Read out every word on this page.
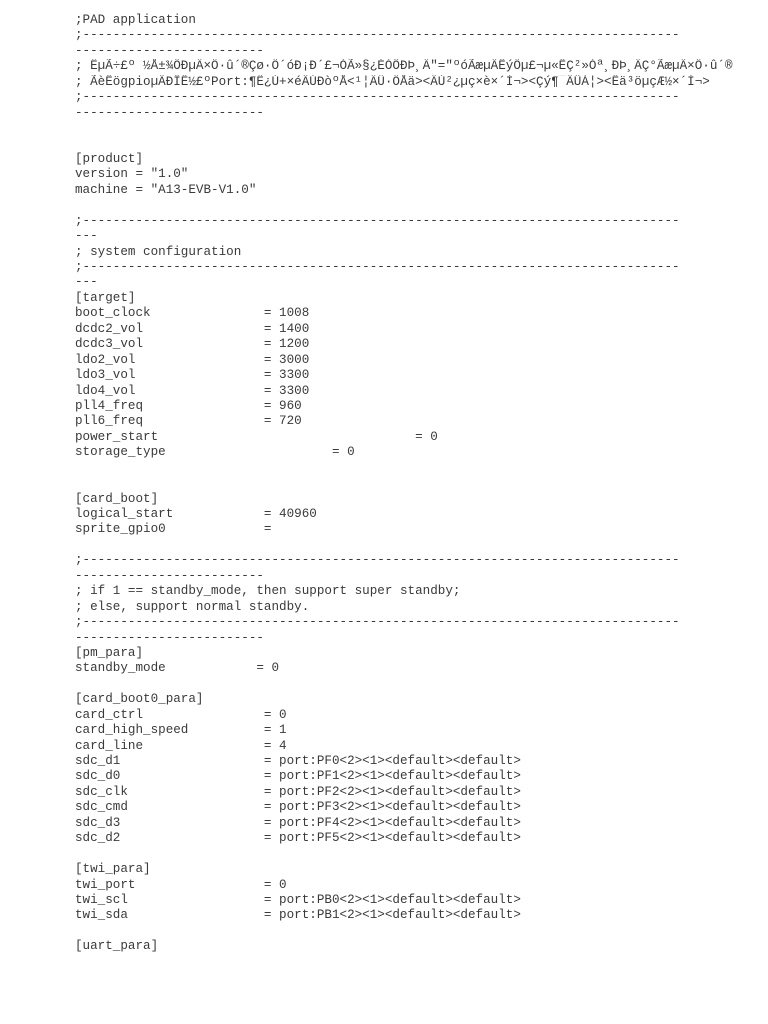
;PAD application
;-------------------------------------------------------------------------------
-------------------------
; ËµÃ÷£º ½Å±¾ÖÐµÄ×Ö·û´®Çø·Ö´óÐ¡Ð´£¬ÓÃ»§¿ÉÒÔÐÞ¸Ä"="ºóÃæµÄÊýÖµ£¬µ«ÊÇ²»Òª¸ÐÞ¸ÄÇ°ÃæµÄ×Ö·û´®
; ÃèÊögpioµÄÐÎÊ½£ºPort:¶Ë¿Ú+×éÄÚÐòºÅ<¹¦ÄÜ·ÖÅä><ÄÚ²¿µç×è×´Ì¬><Çý¶¯ÄÜÁ¦><Êä³öµçÆ½×´Ì¬>
;-------------------------------------------------------------------------------
-------------------------

[product]
version = "1.0"
machine = "A13-EVB-V1.0"

;-------------------------------------------------------------------------------
---
; system configuration
;-------------------------------------------------------------------------------
---
[target]
boot_clock               = 1008
dcdc2_vol                = 1400
dcdc3_vol                = 1200
ldo2_vol                 = 3000
ldo3_vol                 = 3300
ldo4_vol                 = 3300
pll4_freq                = 960
pll6_freq                = 720
power_start                                  = 0
storage_type                      = 0

[card_boot]
logical_start            = 40960
sprite_gpio0             =

;-------------------------------------------------------------------------------
-------------------------
; if 1 == standby_mode, then support super standby;
; else, support normal standby.
;-------------------------------------------------------------------------------
-------------------------
[pm_para]
standby_mode            = 0

[card_boot0_para]
card_ctrl                = 0
card_high_speed          = 1
card_line                = 4
sdc_d1                   = port:PF0<2><1><default><default>
sdc_d0                   = port:PF1<2><1><default><default>
sdc_clk                  = port:PF2<2><1><default><default>
sdc_cmd                  = port:PF3<2><1><default><default>
sdc_d3                   = port:PF4<2><1><default><default>
sdc_d2                   = port:PF5<2><1><default><default>

[twi_para]
twi_port                 = 0
twi_scl                  = port:PB0<2><1><default><default>
twi_sda                  = port:PB1<2><1><default><default>

[uart_para]
